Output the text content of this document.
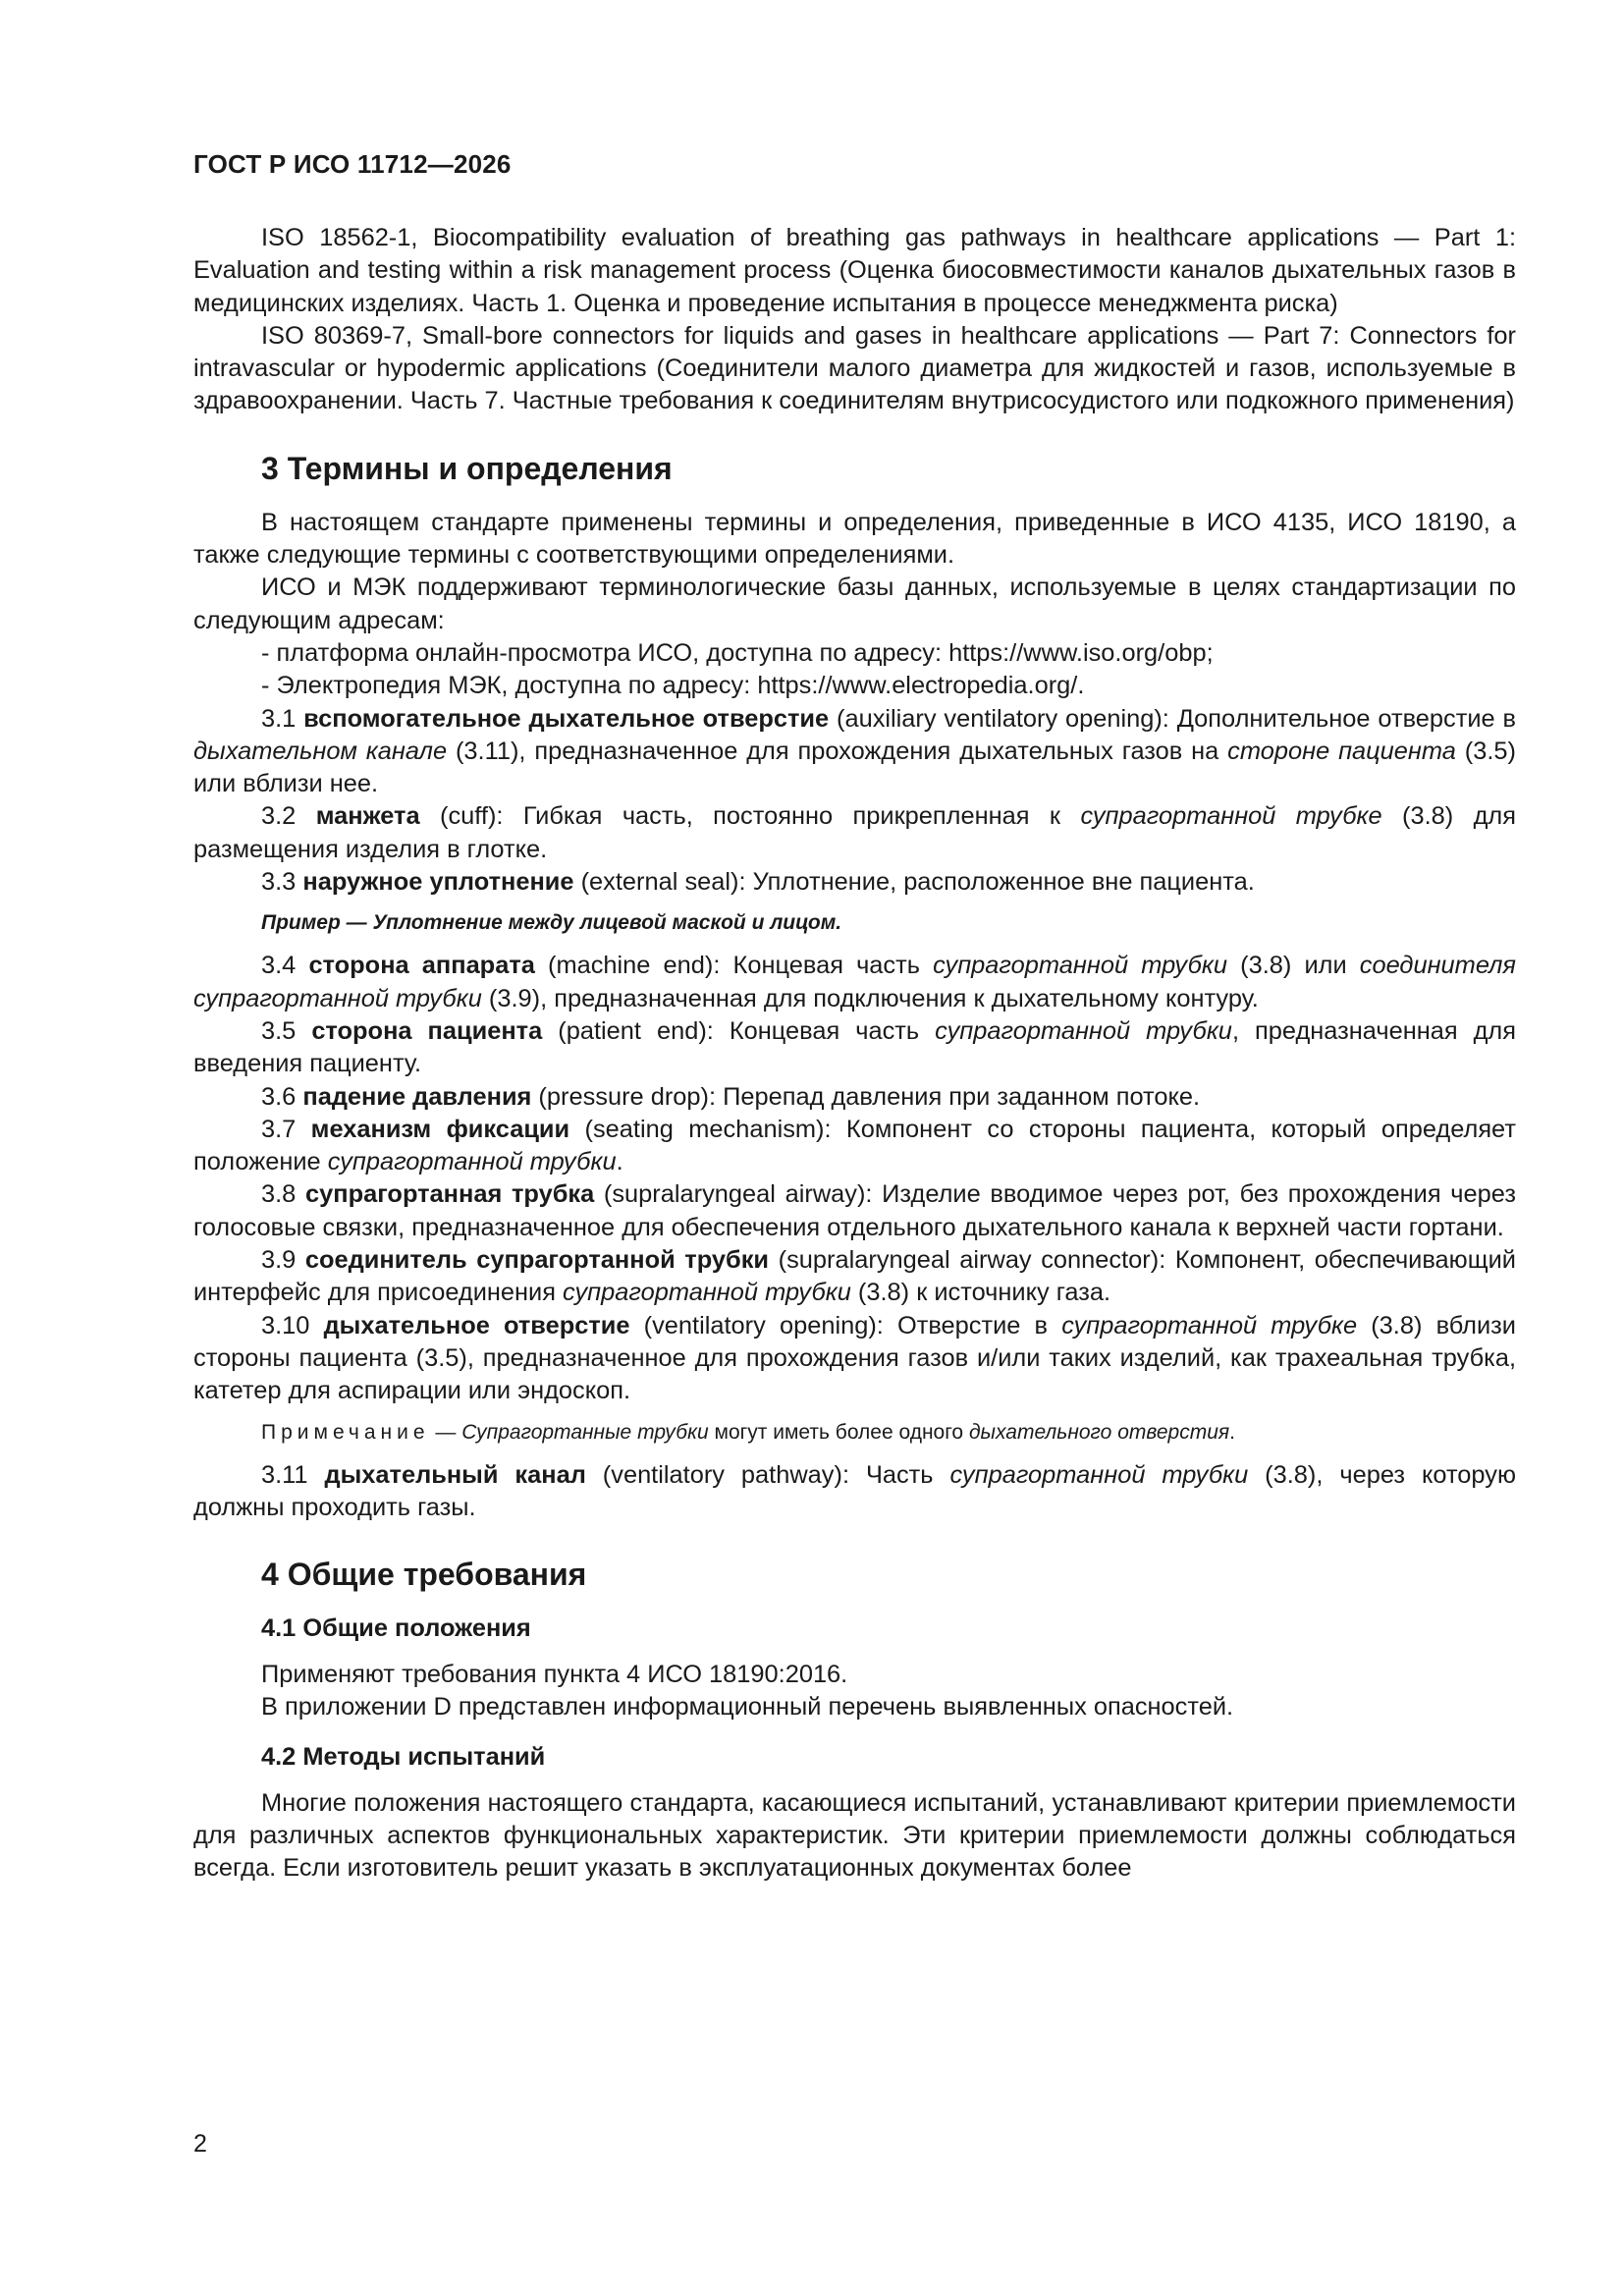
ГОСТ Р ИСО 11712—2026

ISO 18562-1, Biocompatibility evaluation of breathing gas pathways in healthcare applications — Part 1: Evaluation and testing within a risk management process (Оценка биосовместимости каналов дыхательных газов в медицинских изделиях. Часть 1. Оценка и проведение испытания в процессе менеджмента риска)

ISO 80369-7, Small-bore connectors for liquids and gases in healthcare applications — Part 7: Connectors for intravascular or hypodermic applications (Соединители малого диаметра для жидкостей и газов, используемые в здравоохранении. Часть 7. Частные требования к соединителям внутрисосудистого или подкожного применения)

3 Термины и определения

В настоящем стандарте применены термины и определения, приведенные в ИСО 4135, ИСО 18190, а также следующие термины с соответствующими определениями.

ИСО и МЭК поддерживают терминологические базы данных, используемые в целях стандартизации по следующим адресам:

- платформа онлайн-просмотра ИСО, доступна по адресу: https://www.iso.org/obp;

- Электропедия МЭК, доступна по адресу: https://www.electropedia.org/.

3.1 вспомогательное дыхательное отверстие (auxiliary ventilatory opening): Дополнительное отверстие в дыхательном канале (3.11), предназначенное для прохождения дыхательных газов на стороне пациента (3.5) или вблизи нее.

3.2 манжета (cuff): Гибкая часть, постоянно прикрепленная к супрагортанной трубке (3.8) для размещения изделия в глотке.

3.3 наружное уплотнение (external seal): Уплотнение, расположенное вне пациента.

Пример — Уплотнение между лицевой маской и лицом.

3.4 сторона аппарата (machine end): Концевая часть супрагортанной трубки (3.8) или соединителя супрагортанной трубки (3.9), предназначенная для подключения к дыхательному контуру.

3.5 сторона пациента (patient end): Концевая часть супрагортанной трубки, предназначенная для введения пациенту.

3.6 падение давления (pressure drop): Перепад давления при заданном потоке.

3.7 механизм фиксации (seating mechanism): Компонент со стороны пациента, который определяет положение супрагортанной трубки.

3.8 супрагортанная трубка (supralaryngeal airway): Изделие вводимое через рот, без прохождения через голосовые связки, предназначенное для обеспечения отдельного дыхательного канала к верхней части гортани.

3.9 соединитель супрагортанной трубки (supralaryngeal airway connector): Компонент, обеспечивающий интерфейс для присоединения супрагортанной трубки (3.8) к источнику газа.

3.10 дыхательное отверстие (ventilatory opening): Отверстие в супрагортанной трубке (3.8) вблизи стороны пациента (3.5), предназначенное для прохождения газов и/или таких изделий, как трахеальная трубка, катетер для аспирации или эндоскоп.

Примечание — Супрагортанные трубки могут иметь более одного дыхательного отверстия.

3.11 дыхательный канал (ventilatory pathway): Часть супрагортанной трубки (3.8), через которую должны проходить газы.

4 Общие требования
4.1 Общие положения

Применяют требования пункта 4 ИСО 18190:2016.

В приложении D представлен информационный перечень выявленных опасностей.

4.2 Методы испытаний

Многие положения настоящего стандарта, касающиеся испытаний, устанавливают критерии приемлемости для различных аспектов функциональных характеристик. Эти критерии приемлемости должны соблюдаться всегда. Если изготовитель решит указать в эксплуатационных документах более

2
